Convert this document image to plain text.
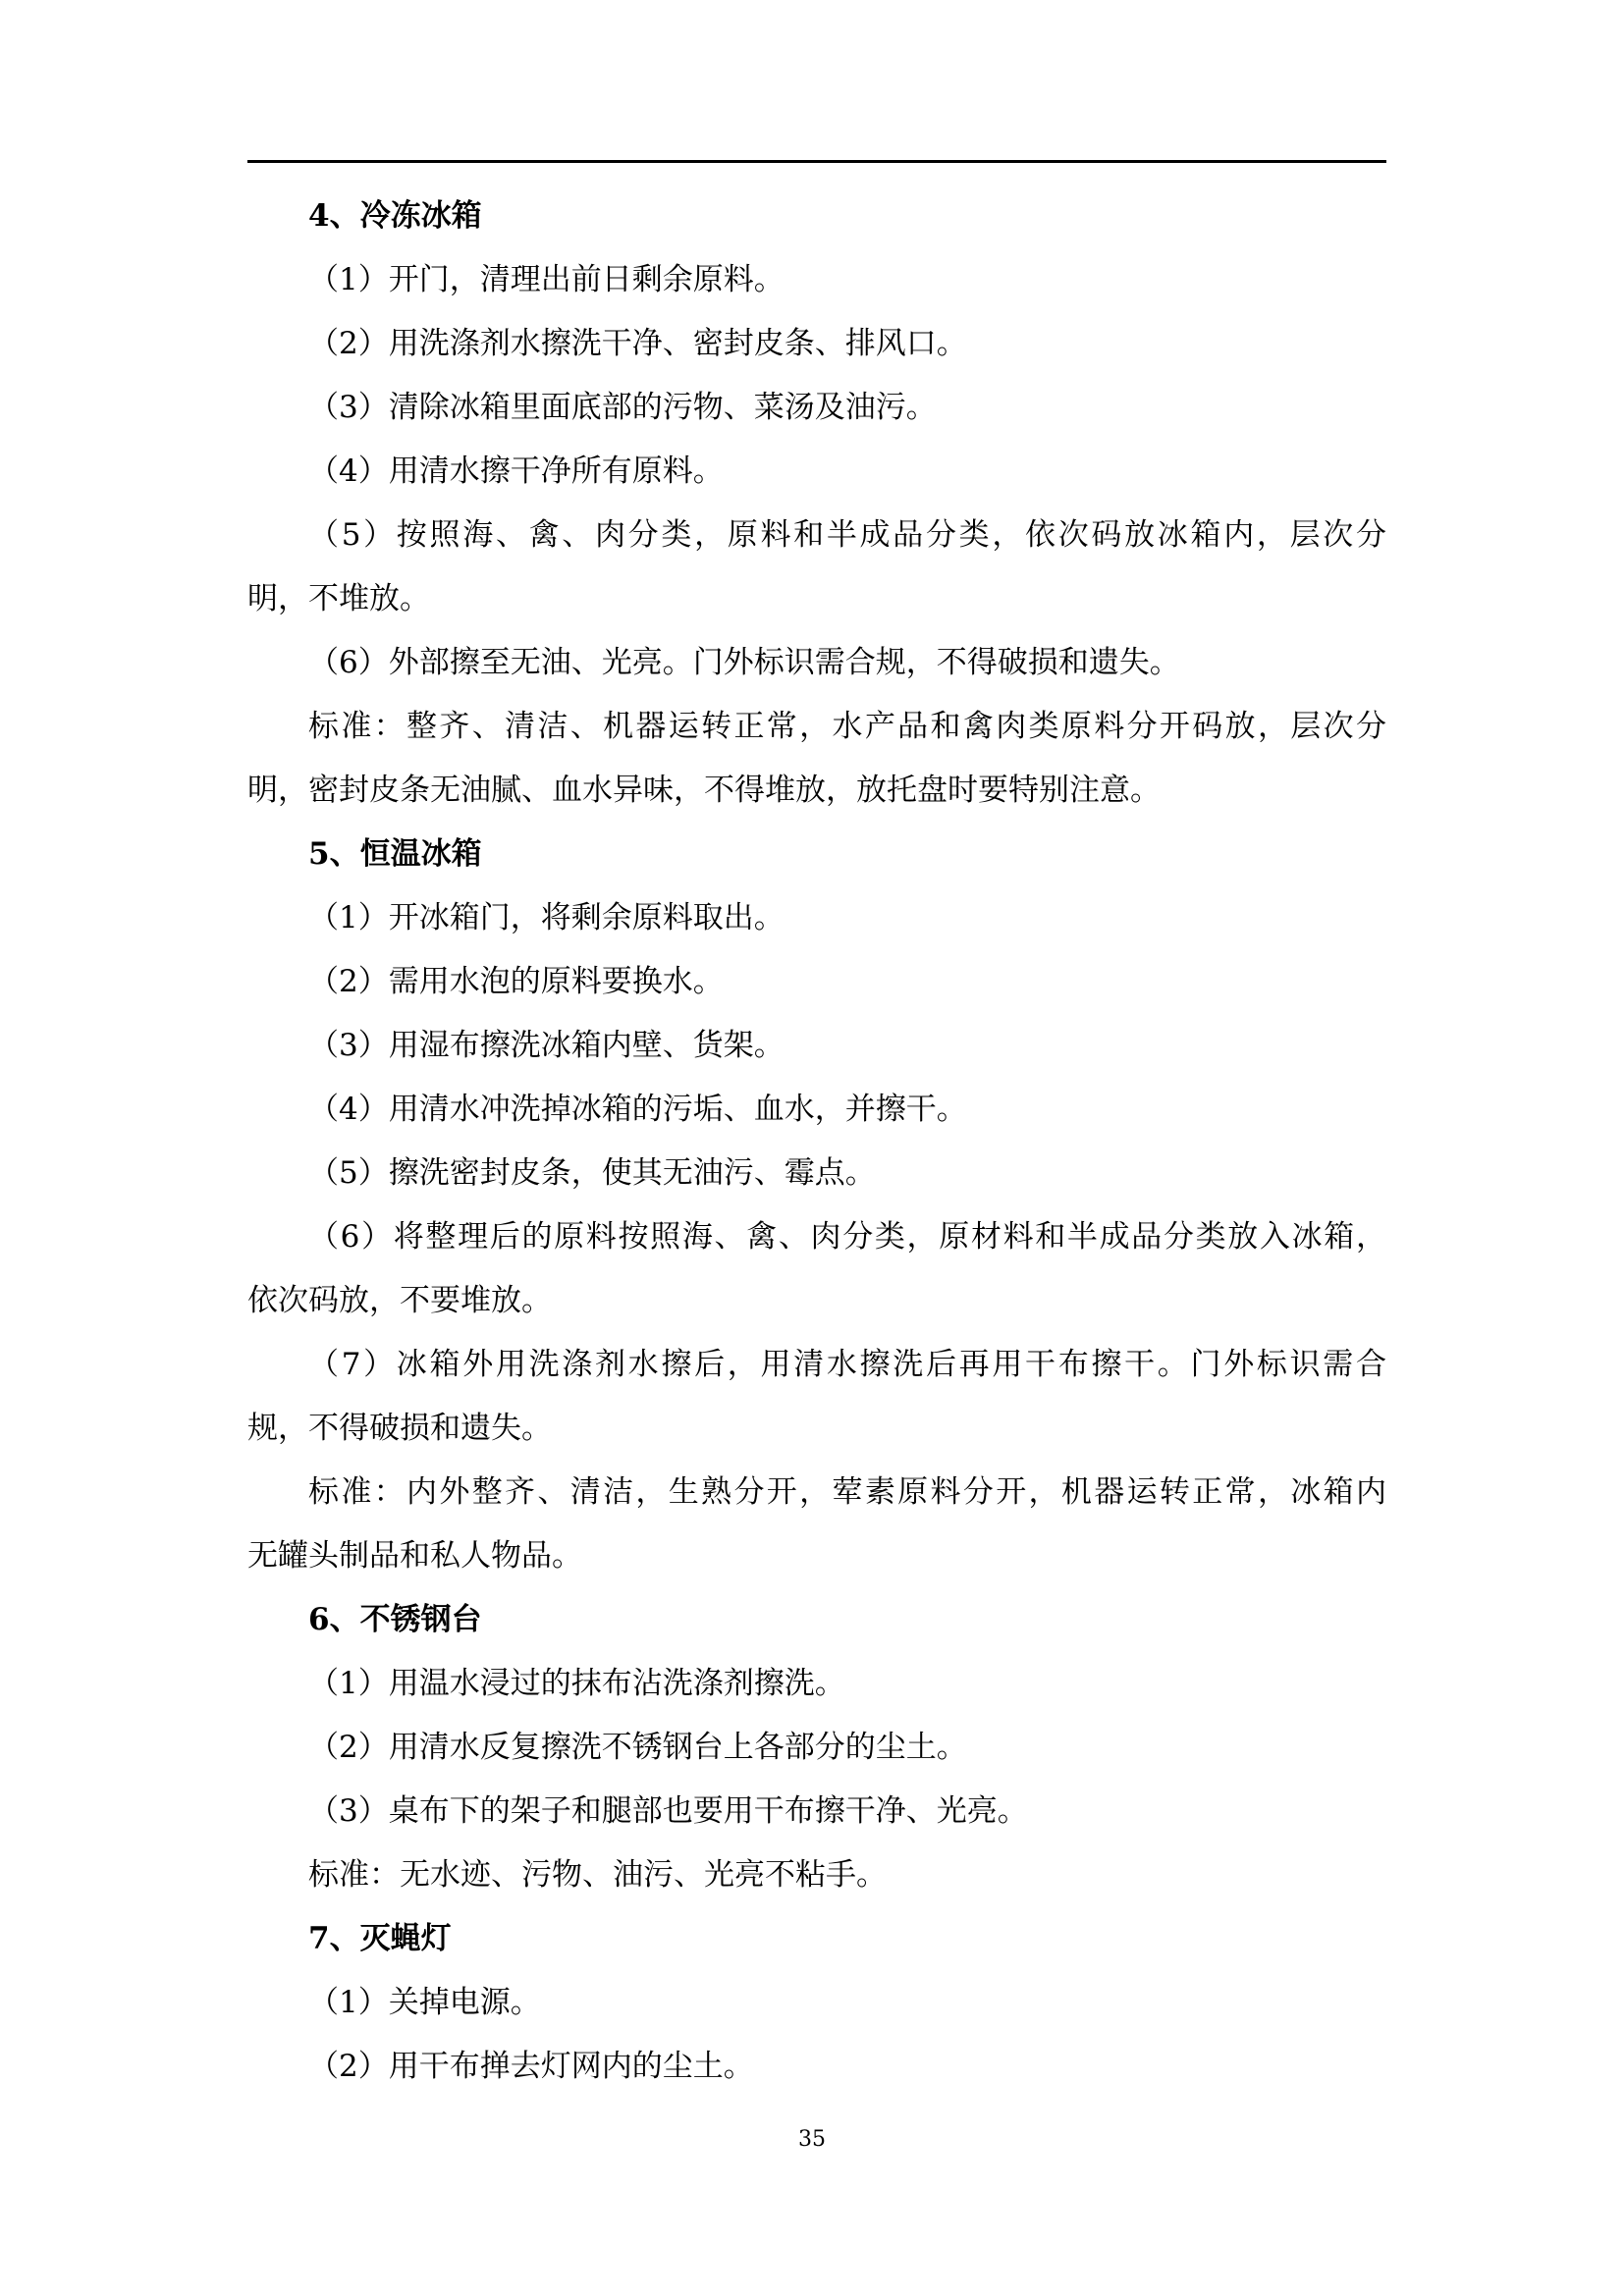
4、冷冻冰箱

（1）开门，清理出前日剩余原料。

（2）用洗涤剂水擦洗干净、密封皮条、排风口。

（3）清除冰箱里面底部的污物、菜汤及油污。

（4）用清水擦干净所有原料。

（5）按照海、禽、肉分类，原料和半成品分类，依次码放冰箱内，层次分

明，不堆放。

（6）外部擦至无油、光亮。门外标识需合规，不得破损和遗失。

标准：整齐、清洁、机器运转正常，水产品和禽肉类原料分开码放，层次分

明，密封皮条无油腻、血水异味，不得堆放，放托盘时要特别注意。

5、恒温冰箱

（1）开冰箱门，将剩余原料取出。

（2）需用水泡的原料要换水。

（3）用湿布擦洗冰箱内壁、货架。

（4）用清水冲洗掉冰箱的污垢、血水，并擦干。

（5）擦洗密封皮条，使其无油污、霉点。

（6）将整理后的原料按照海、禽、肉分类，原材料和半成品分类放入冰箱，

依次码放，不要堆放。

（7）冰箱外用洗涤剂水擦后，用清水擦洗后再用干布擦干。门外标识需合

规，不得破损和遗失。

标准：内外整齐、清洁，生熟分开，荤素原料分开，机器运转正常，冰箱内

无罐头制品和私人物品。

6、不锈钢台

（1）用温水浸过的抹布沾洗涤剂擦洗。

（2）用清水反复擦洗不锈钢台上各部分的尘土。

（3）桌布下的架子和腿部也要用干布擦干净、光亮。

标准：无水迹、污物、油污、光亮不粘手。

7、灭蝇灯

（1）关掉电源。

（2）用干布掸去灯网内的尘土。

35
